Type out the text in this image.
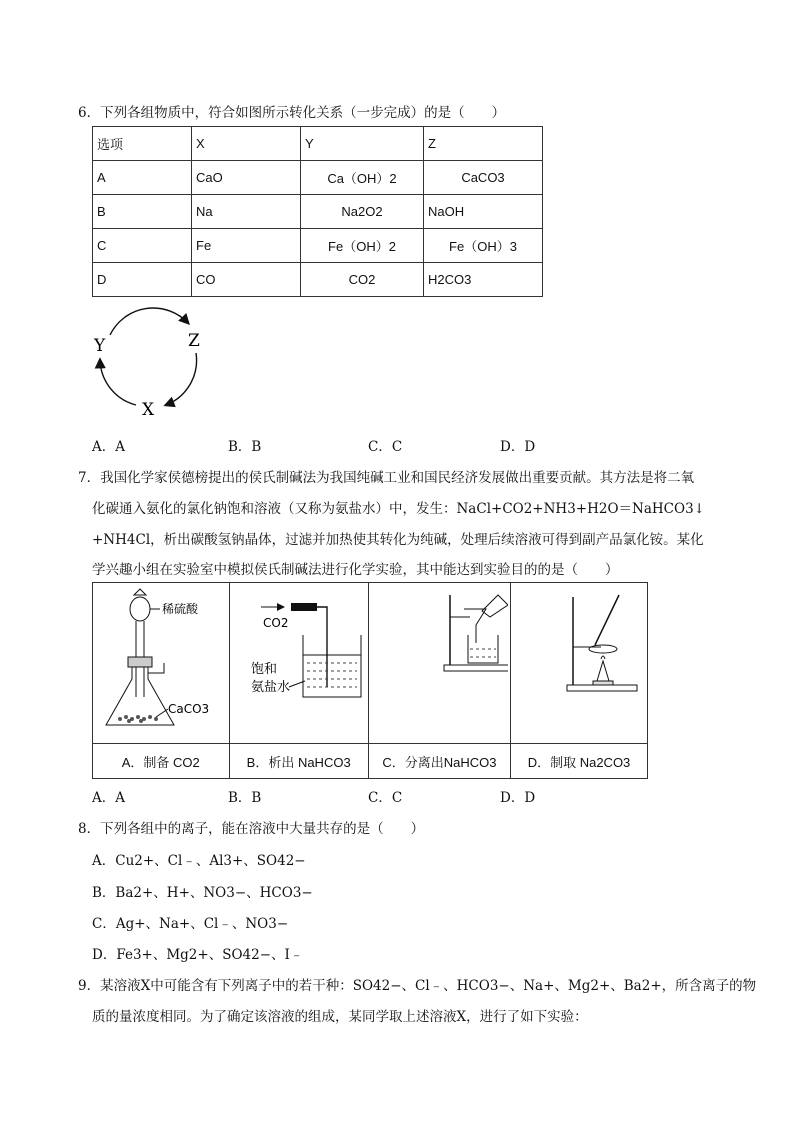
6．下列各组物质中，符合如图所示转化关系（一步完成）的是（　　）
选项	X	Y	Z
A	CaO	Ca（OH）2	CaCO3
B	Na	Na2O2	NaOH
C	Fe	Fe（OH）2	Fe（OH）3
D	CO	CO2	H2CO3
Y	Z
X
A．A	B．B	C．C	D．D
7．我国化学家侯德榜提出的侯氏制碱法为我国纯碱工业和国民经济发展做出重要贡献。其方法是将二氧
化碳通入氨化的氯化钠饱和溶液（又称为氨盐水）中，发生：NaCl+CO2+NH3+H2O＝NaHCO3↓
+NH4Cl，析出碳酸氢钠晶体，过滤并加热使其转化为纯碱，处理后续溶液可得到副产品氯化铵。某化
学兴趣小组在实验室中模拟侯氏制碱法进行化学实验，其中能达到实验目的的是（　　）
稀硫酸
CaCO3	CO2
饱和
氨盐水

A．制备 CO2	B．析出 NaHCO3	C．分离出NaHCO3	D．制取 Na2CO3
A．A	B．B	C．C	D．D
8．下列各组中的离子，能在溶液中大量共存的是（　　）
A．Cu2+、Cl﹣、Al3+、SO42−
B．Ba2+、H+、NO3−、HCO3−
C．Ag+、Na+、Cl﹣、NO3−
D．Fe3+、Mg2+、SO42−、I﹣
9．某溶液X中可能含有下列离子中的若干种：SO42−、Cl﹣、HCO3−、Na+、Mg2+、Ba2+，所含离子的物
质的量浓度相同。为了确定该溶液的组成，某同学取上述溶液X，进行了如下实验：
